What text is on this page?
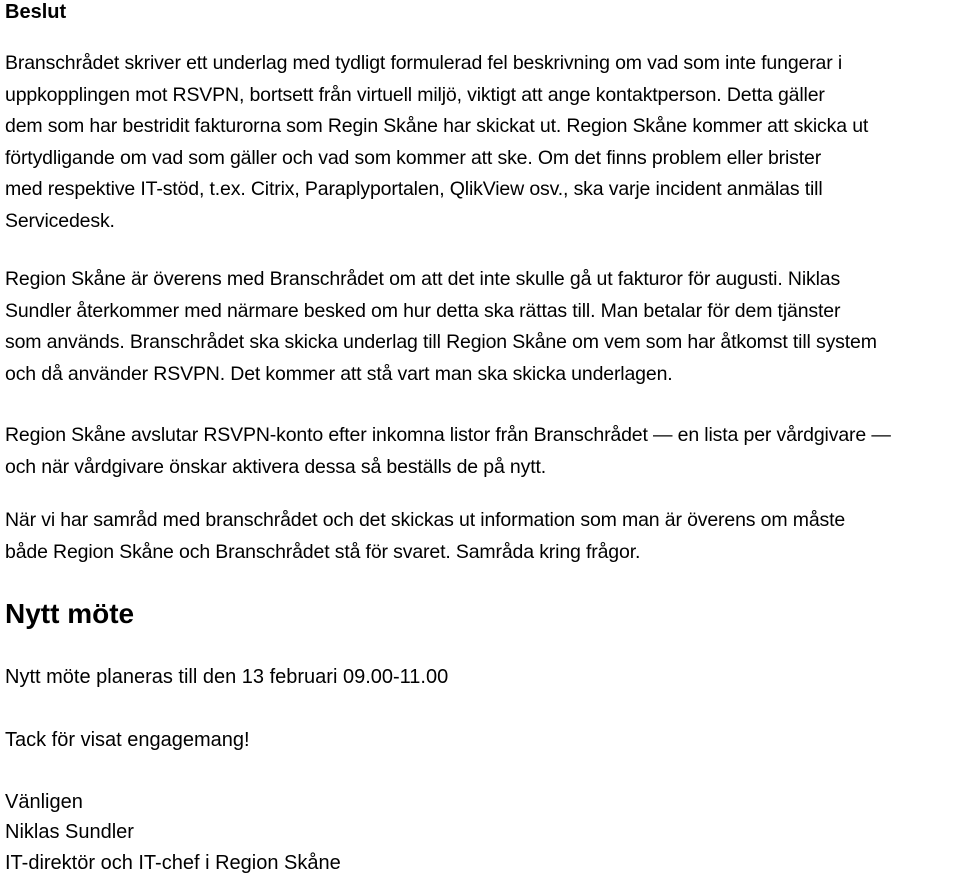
Beslut

Branschrådet skriver ett underlag med tydligt formulerad fel beskrivning om vad som inte fungerar i
uppkopplingen mot RSVPN, bortsett från virtuell miljö, viktigt att ange kontaktperson. Detta gäller
dem som har bestridit fakturorna som Regin Skåne har skickat ut. Region Skåne kommer att skicka ut
förtydligande om vad som gäller och vad som kommer att ske. Om det finns problem eller brister
med respektive IT-stöd, t.ex. Citrix, Paraplyportalen, QlikView osv., ska varje incident anmälas till
Servicedesk.

Region Skåne är överens med Branschrådet om att det inte skulle gå ut fakturor för augusti. Niklas
Sundler återkommer med närmare besked om hur detta ska rättas till. Man betalar för dem tjänster
som används. Branschrådet ska skicka underlag till Region Skåne om vem som har åtkomst till system
och då använder RSVPN. Det kommer att stå vart man ska skicka underlagen.

Region Skåne avslutar RSVPN-konto efter inkomna listor från Branschrådet — en lista per vårdgivare —
och när vårdgivare önskar aktivera dessa så beställs de på nytt.

När vi har samråd med branschrådet och det skickas ut information som man är överens om måste
både Region Skåne och Branschrådet stå för svaret. Samråda kring frågor.

Nytt möte

Nytt möte planeras till den 13 februari 09.00-11.00

Tack för visat engagemang!

Vänligen

Niklas Sundler

IT-direktör och IT-chef i Region Skåne
